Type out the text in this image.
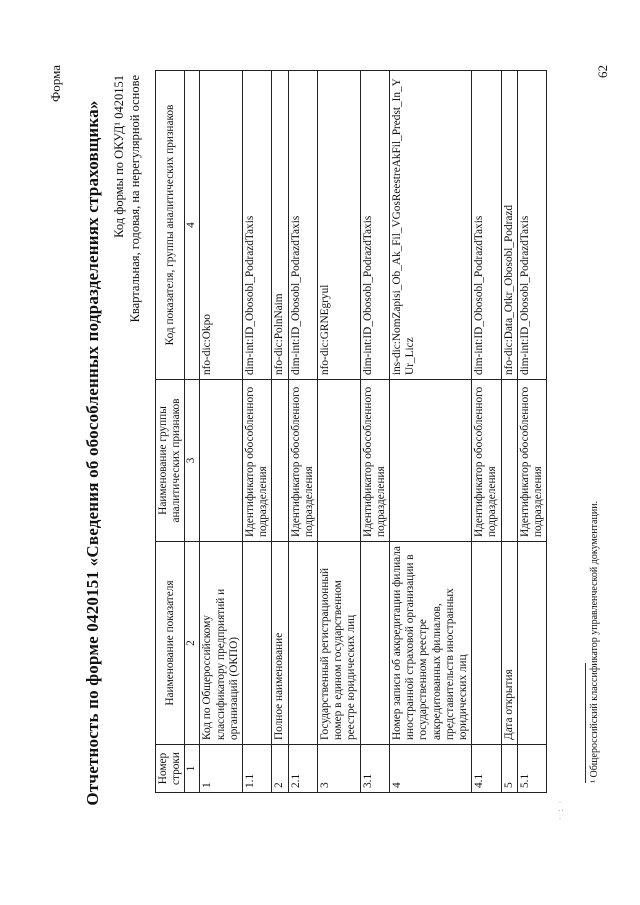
Форма
Отчетность по форме 0420151 «Сведения об обособленных подразделениях страховщика» Код формы по ОКУД¹ 0420151 Квартальная, годовая, на нерегулярной основе
Номер строки	Наименование показателя	Наименование группы аналитических признаков	Код показателя, группы аналитических признаков
1	2	3	4
1	Код по Общероссийскому классификатору предприятий и организаций (ОКПО)		nfo-dic:Okpo
1.1		Идентификатор обособленного подразделения	dim-int:ID_Obosobl_PodrazdTaxis
2	Полное наименование		nfo-dic:PolnNaim
2.1		Идентификатор обособленного подразделения	dim-int:ID_Obosobl_PodrazdTaxis
3	Государственный регистрационный номер в едином государственном реестре юридических лиц		nfo-dic:GRNEgryul
3.1		Идентификатор обособленного подразделения	dim-int:ID_Obosobl_PodrazdTaxis
4	Номер записи об аккредитации филиала иностранной страховой организации в государственном реестре аккредитованных филиалов, представительств иностранных юридических лиц		ins-dic:NomZapisi_Ob_Ak_Fil_VGosReestreAkFil_Predst_In_YUr_Licz
4.1		Идентификатор обособленного подразделения	dim-int:ID_Obosobl_PodrazdTaxis
5	Дата открытия		nfo-dic:Data_Otkr_Obosobl_Podrazd
5.1		Идентификатор обособленного подразделения	dim-int:ID_Obosobl_PodrazdTaxis
¹ Общероссийский классификатор управленческой документации.
· : ·
62
